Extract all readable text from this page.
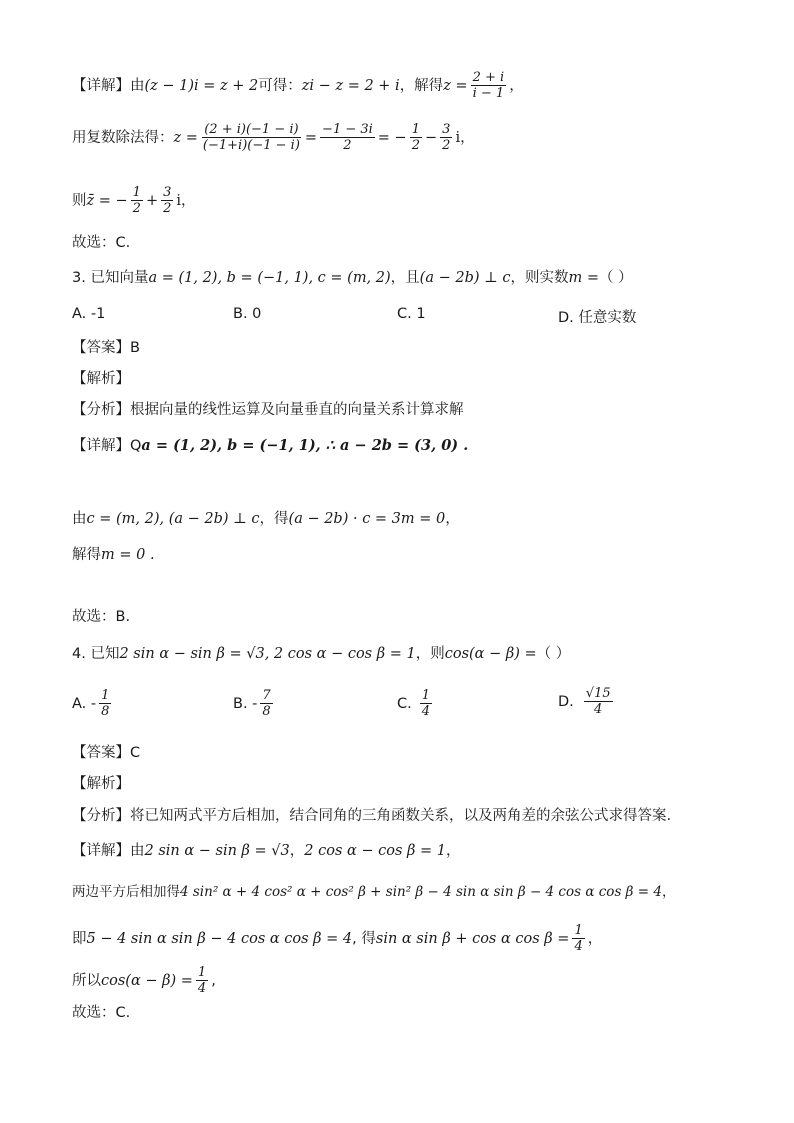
【详解】由 (z − 1)i = z + 2 可得： zi − z = 2 + i ，解得 $z = \frac{2 + i}{i - 1}$ ，
用复数除法得： $z = \frac{(2 + i)(-1 - i)}{(-1+i)(-1 - i)} = \frac{-1 - 3i}{2}$ = − $\frac{1}{2} - \frac{3}{2}$ i ，
则 z̄ = − $\frac{1}{2} + \frac{3}{2}$ i ，
故选：C.
3. 已知向量 a = (1, 2), b = (−1, 1), c = (m, 2) ，且 (a − 2b) ⊥ c ，则实数 m = （ ）
A. -1	B. 0	C. 1	D. 任意实数
【答案】B
【解析】
【分析】根据向量的线性运算及向量垂直的向量关系计算求解
【详解】Q a = (1, 2), b = (−1, 1), ∴ a − 2b = (3, 0) .
由 c = (m, 2), (a − 2b) ⊥ c ，得 (a − 2b) · c = 3m = 0 ，
解得 m = 0 .
故选：B.
4. 已知 2 sin α − sin β = √3, 2 cos α − cos β = 1 ，则 cos(α − β) = （ ）
A. - $\frac{1}{8}$	B. - $\frac{7}{8}$	C. $\frac{1}{4}$	D. $\frac{√15}{4}$
【答案】C
【解析】
【分析】将已知两式平方后相加，结合同角的三角函数关系，以及两角差的余弦公式求得答案.
【详解】由 2 sin α − sin β = √3 ， 2 cos α − cos β = 1 ，
两边平方后相加得 4 sin² α + 4 cos² α + cos² β + sin² β − 4 sin α sin β − 4 cos α cos β = 4 ，
即 5 − 4 sin α sin β − 4 cos α cos β = 4 , 得 sin α sin β + cos α $\cos \beta = \frac{1}{4}$ ，
所以 $\cos(\alpha - \beta) = \frac{1}{4}$ ,
故选：C.
